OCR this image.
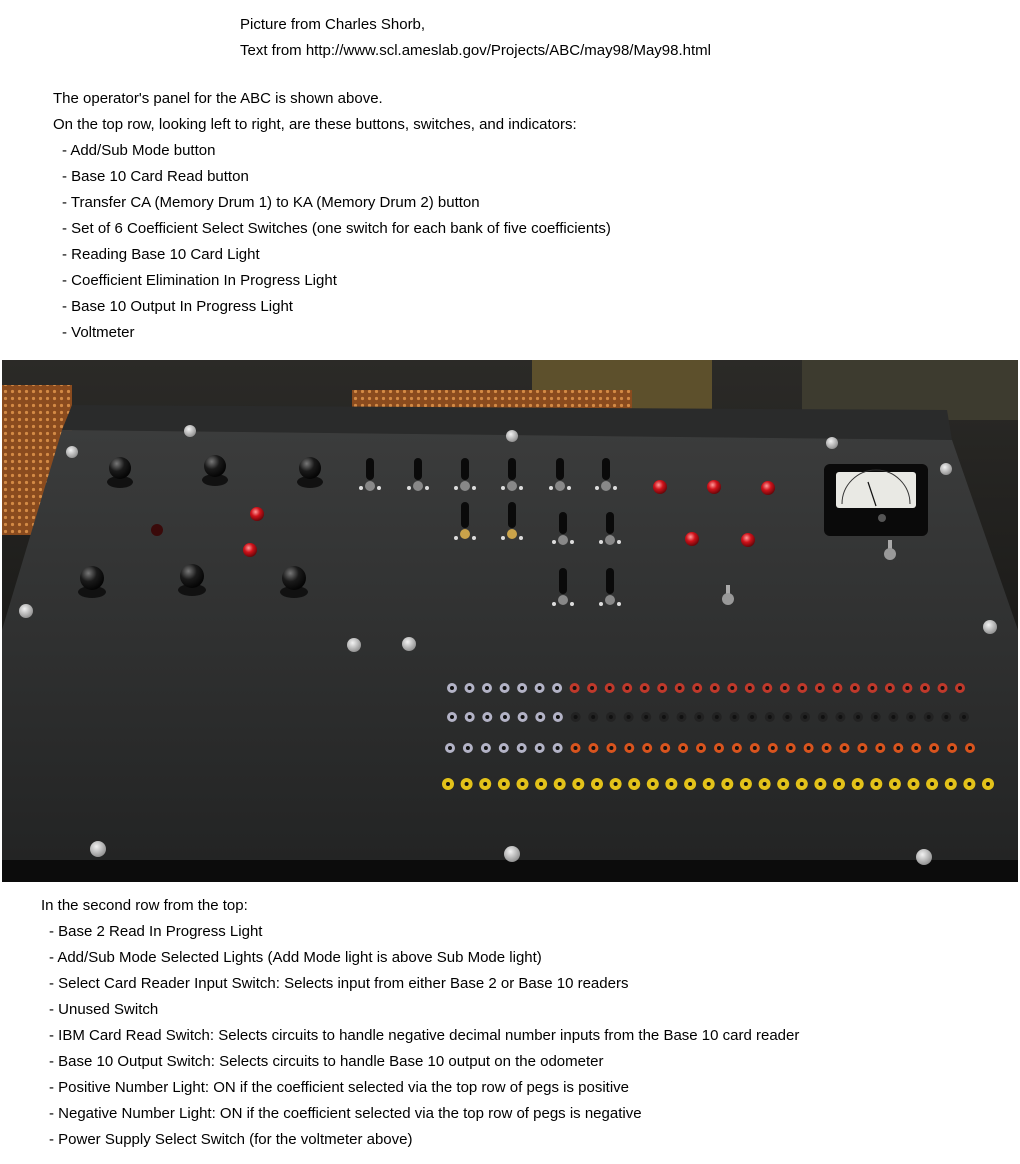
Picture from Charles Shorb,
Text from http://www.scl.ameslab.gov/Projects/ABC/may98/May98.html
The operator's panel for the ABC is shown above.
On the top row, looking left to right, are these buttons, switches, and indicators:
- Add/Sub Mode button
- Base 10 Card Read button
- Transfer CA (Memory Drum 1) to KA (Memory Drum 2) button
- Set of 6 Coefficient Select Switches (one switch for each bank of five coefficients)
- Reading Base 10 Card Light
- Coefficient Elimination In Progress Light
- Base 10 Output In Progress Light
- Voltmeter
In the second row from the top:
- Base 2 Read In Progress Light
- Add/Sub Mode Selected Lights (Add Mode light is above Sub Mode light)
- Select Card Reader Input Switch: Selects input from either Base 2 or Base 10 readers
- Unused Switch
- IBM Card Read Switch: Selects circuits to handle negative decimal number inputs from the Base 10 card reader
- Base 10 Output Switch: Selects circuits to handle Base 10 output on the odometer
- Positive Number Light: ON if the coefficient selected via the top row of pegs is positive
- Negative Number Light: ON if the coefficient selected via the top row of pegs is negative
- Power Supply Select Switch (for the voltmeter above)
